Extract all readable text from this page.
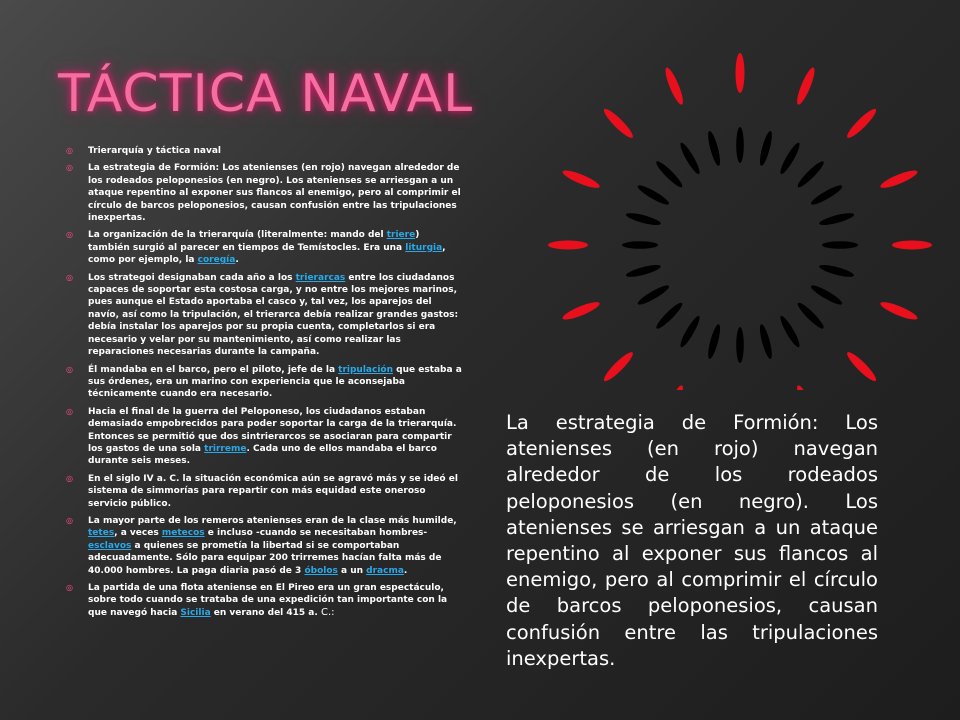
TÁCTICA NAVAL
◎ Trierarquía y táctica naval
◎ La estrategia de Formión: Los atenienses (en rojo) navegan alrededor de los rodeados peloponesios (en negro). Los atenienses se arriesgan a un ataque repentino al exponer sus flancos al enemigo, pero al comprimir el círculo de barcos peloponesios, causan confusión entre las tripulaciones inexpertas.
◎ La organización de la trierarquía (literalmente: mando del triere) también surgió al parecer en tiempos de Temístocles. Era una liturgia, como por ejemplo, la coregía.
◎ Los strategoi designaban cada año a los trierarcas entre los ciudadanos capaces de soportar esta costosa carga, y no entre los mejores marinos, pues aunque el Estado aportaba el casco y, tal vez, los aparejos del navío, así como la tripulación, el trierarca debía realizar grandes gastos: debía instalar los aparejos por su propia cuenta, completarlos si era necesario y velar por su mantenimiento, así como realizar las reparaciones necesarias durante la campaña.
◎ Él mandaba en el barco, pero el piloto, jefe de la tripulación que estaba a sus órdenes, era un marino con experiencia que le aconsejaba técnicamente cuando era necesario.
◎ Hacia el final de la guerra del Peloponeso, los ciudadanos estaban demasiado empobrecidos para poder soportar la carga de la trierarquía. Entonces se permitió que dos sintrierarcos se asociaran para compartir los gastos de una sola trirreme. Cada uno de ellos mandaba el barco durante seis meses.
◎ En el siglo IV a. C. la situación económica aún se agravó más y se ideó el sistema de simmorías para repartir con más equidad este oneroso servicio público.
◎ La mayor parte de los remeros atenienses eran de la clase más humilde, tetes, a veces metecos e incluso -cuando se necesitaban hombres- esclavos a quienes se prometía la libertad si se comportaban adecuadamente. Sólo para equipar 200 trirremes hacían falta más de 40.000 hombres. La paga diaria pasó de 3 óbolos a un dracma.
◎ La partida de una flota ateniense en El Pireo era un gran espectáculo, sobre todo cuando se trataba de una expedición tan importante con la que navegó hacia Sicilia en verano del 415 a. C.:

La estrategia de Formión: Los atenienses (en rojo) navegan alrededor de los rodeados peloponesios (en negro). Los atenienses se arriesgan a un ataque repentino al exponer sus flancos al enemigo, pero al comprimir el círculo de barcos peloponesios, causan confusión entre las tripulaciones inexpertas.
